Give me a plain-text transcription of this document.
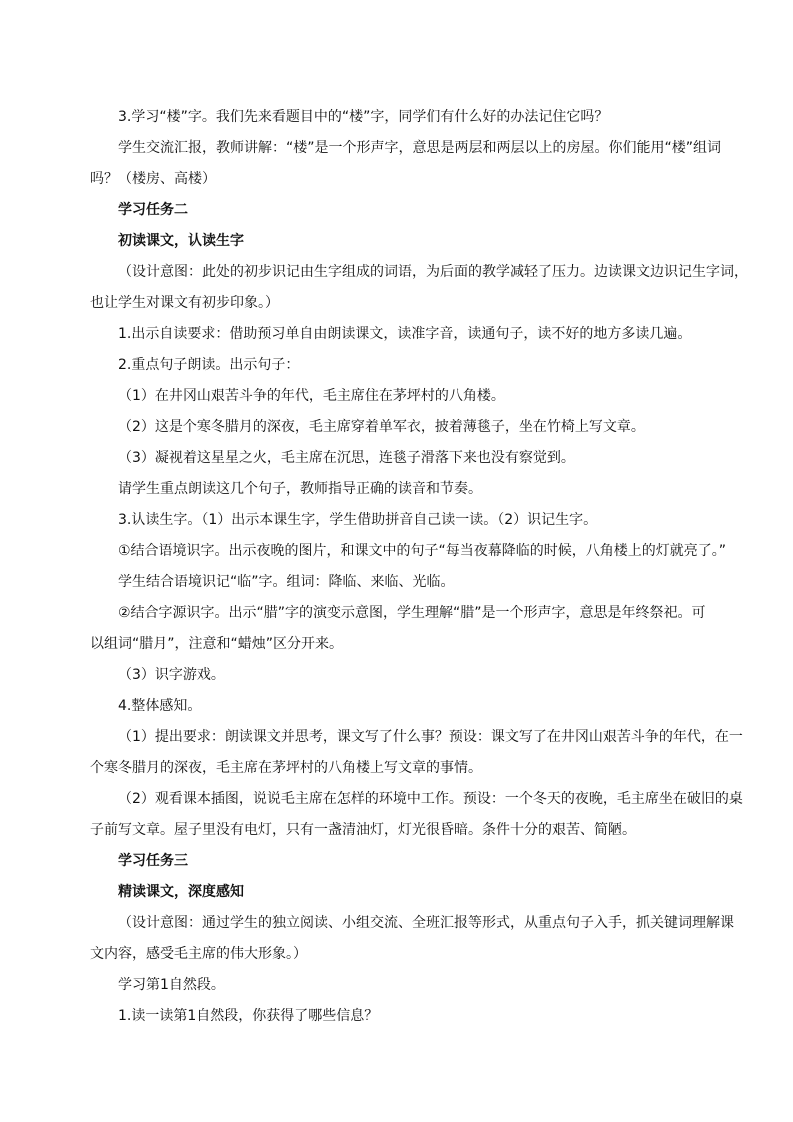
3.学习“楼”字。我们先来看题目中的“楼”字，同学们有什么好的办法记住它吗？
学生交流汇报，教师讲解：“楼”是一个形声字，意思是两层和两层以上的房屋。你们能用“楼”组词
吗？（楼房、高楼）
学习任务二
初读课文，认读生字
（设计意图：此处的初步识记由生字组成的词语，为后面的教学减轻了压力。边读课文边识记生字词，
也让学生对课文有初步印象。）
1.出示自读要求：借助预习单自由朗读课文，读准字音，读通句子，读不好的地方多读几遍。
2.重点句子朗读。出示句子：
（1）在井冈山艰苦斗争的年代，毛主席住在茅坪村的八角楼。
（2）这是个寒冬腊月的深夜，毛主席穿着单军衣，披着薄毯子，坐在竹椅上写文章。
（3）凝视着这星星之火，毛主席在沉思，连毯子滑落下来也没有察觉到。
请学生重点朗读这几个句子，教师指导正确的读音和节奏。
3.认读生字。（1）出示本课生字，学生借助拼音自己读一读。（2）识记生字。
①结合语境识字。出示夜晚的图片，和课文中的句子“每当夜幕降临的时候，八角楼上的灯就亮了。”
学生结合语境识记“临”字。组词：降临、来临、光临。
②结合字源识字。出示“腊”字的演变示意图，学生理解“腊”是一个形声字，意思是年终祭祀。可
以组词“腊月”，注意和“蜡烛”区分开来。
（3）识字游戏。
4.整体感知。
（1）提出要求：朗读课文并思考，课文写了什么事？预设：课文写了在井冈山艰苦斗争的年代，在一
个寒冬腊月的深夜，毛主席在茅坪村的八角楼上写文章的事情。
（2）观看课本插图，说说毛主席在怎样的环境中工作。预设：一个冬天的夜晚，毛主席坐在破旧的桌
子前写文章。屋子里没有电灯，只有一盏清油灯，灯光很昏暗。条件十分的艰苦、简陋。
学习任务三
精读课文，深度感知
（设计意图：通过学生的独立阅读、小组交流、全班汇报等形式，从重点句子入手，抓关键词理解课
文内容，感受毛主席的伟大形象。）
学习第1自然段。
1.读一读第1自然段，你获得了哪些信息？
